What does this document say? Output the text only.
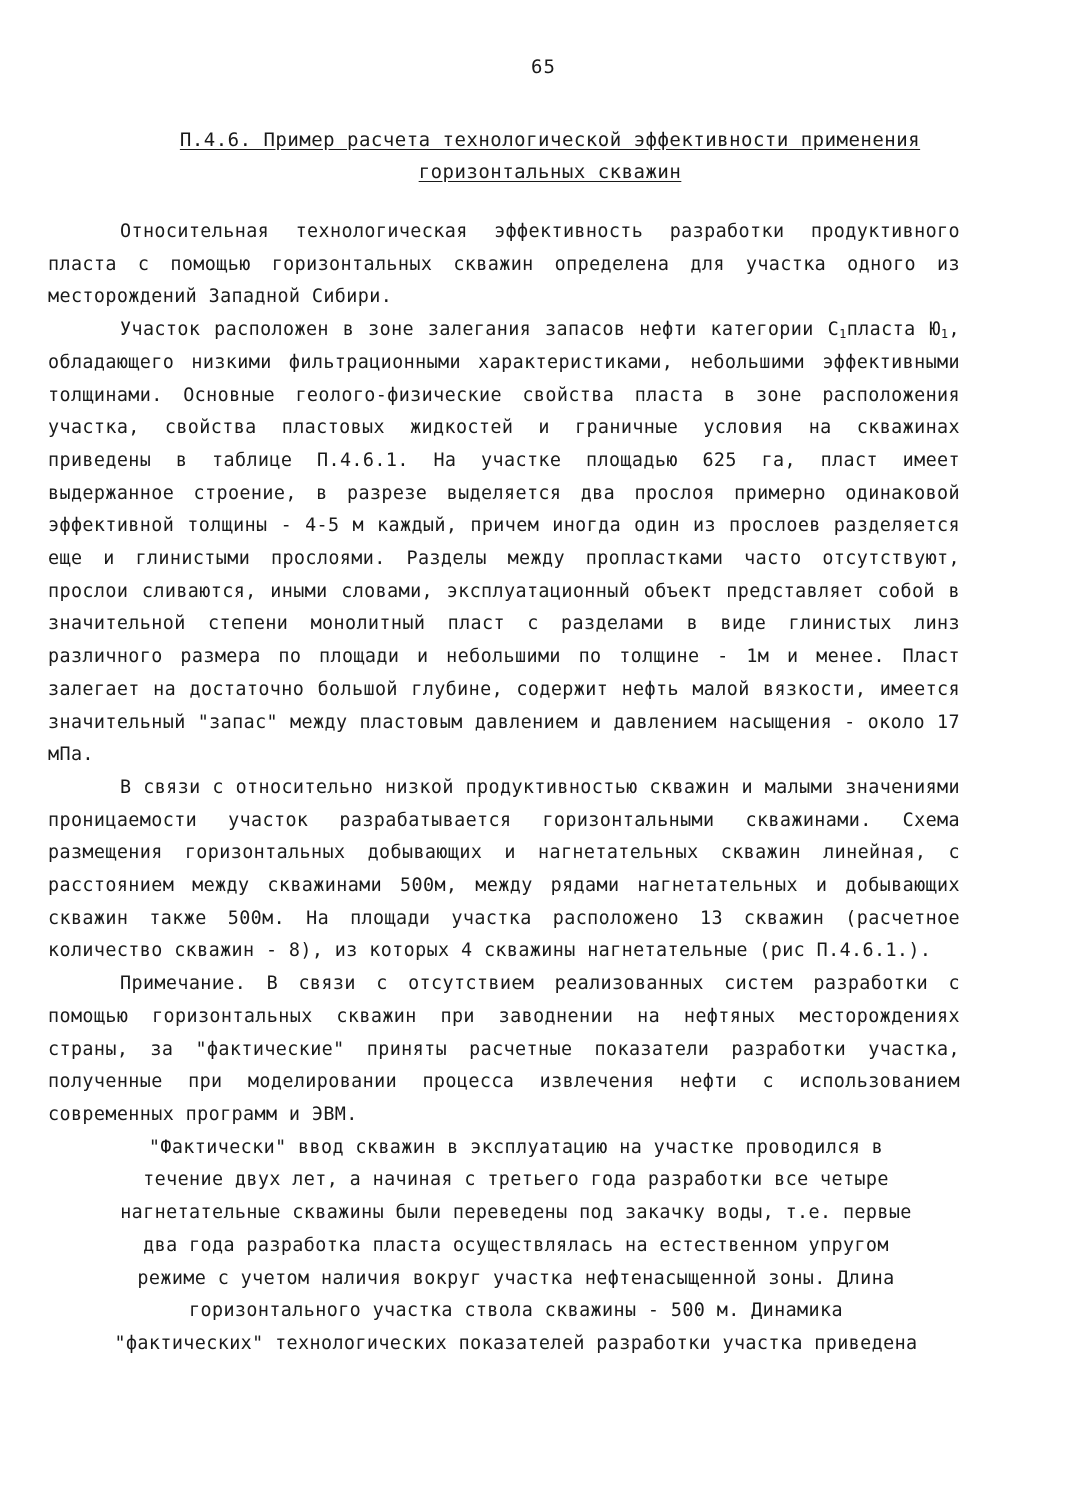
65
П.4.6. Пример расчета технологической эффективности применения
горизонтальных скважин

Относительная технологическая эффективность разработки продуктивного пласта с помощью горизонтальных скважин определена для участка одного из месторождений Западной Сибири.

Участок расположен в зоне залегания запасов нефти категории $C_1пласта$ $Ю_1$, обладающего низкими фильтрационными характеристиками, небольшими эффективными толщинами. Основные геолого-физические свойства пласта в зоне расположения участка, свойства пластовых жидкостей и граничные условия на скважинах приведены в таблице П.4.6.1. На участке площадью 625 га, пласт имеет выдержанное строение, в разрезе выделяется два прослоя примерно одинаковой эффективной толщины - 4-5 м каждый, причем иногда один из прослоев разделяется еще и глинистыми прослоями. Разделы между пропластками часто отсутствуют, прослои сливаются, иными словами, эксплуатационный объект представляет собой в значительной степени монолитный пласт с разделами в виде глинистых линз различного размера по площади и небольшими по толщине - 1м и менее. Пласт залегает на достаточно большой глубине, содержит нефть малой вязкости, имеется значительный "запас" между пластовым давлением и давлением насыщения - около 17 мПа.

В связи с относительно низкой продуктивностью скважин и малыми значениями проницаемости участок разрабатывается горизонтальными скважинами. Схема размещения горизонтальных добывающих и нагнетательных скважин линейная, с расстоянием между скважинами 500м, между рядами нагнетательных и добывающих скважин также 500м. На площади участка расположено 13 скважин (расчетное количество скважин - 8), из которых 4 скважины нагнетательные (рис П.4.6.1.).

Примечание. В связи с отсутствием реализованных систем разработки с помощью горизонтальных скважин при заводнении на нефтяных месторождениях страны, за "фактические" приняты расчетные показатели разработки участка, полученные при моделировании процесса извлечения нефти с использованием современных программ и ЭВМ.

"Фактически" ввод скважин в эксплуатацию на участке проводился в

течение двух лет, а начиная с третьего года разработки все четыре

нагнетательные скважины были переведены под закачку воды, т.е. первые

два года разработка пласта осуществлялась на естественном упругом

режиме с учетом наличия вокруг участка нефтенасыщенной зоны. Длина

горизонтального участка ствола скважины - 500 м. Динамика

"фактических" технологических показателей разработки участка приведена
